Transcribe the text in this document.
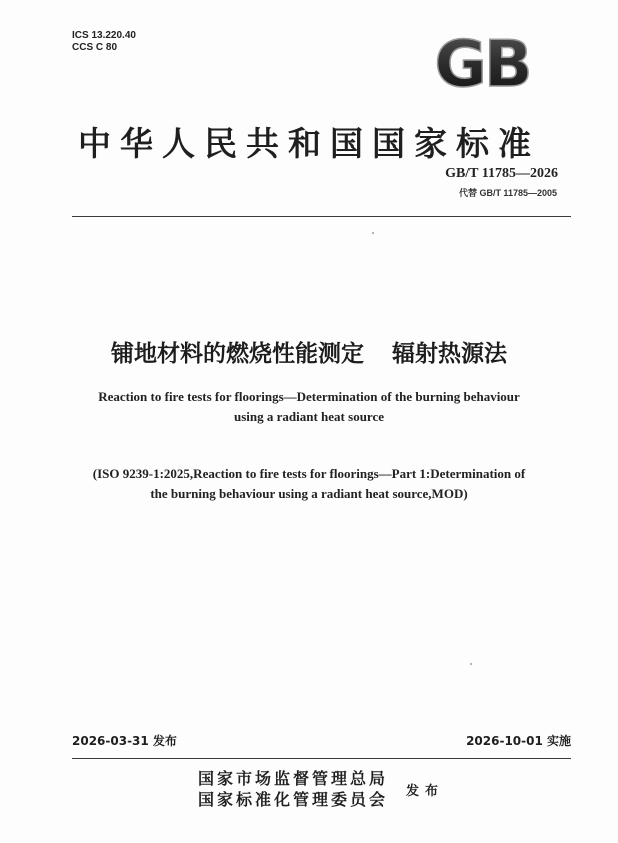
ICS 13.220.40
CCS C 80	GB
中华人民共和国国家标准
GB/T 11785—2026
代替 GB/T 11785—2005
铺地材料的燃烧性能测定 辐射热源法
Reaction to fire tests for floorings—Determination of the burning behaviour
using a radiant heat source
(ISO 9239-1:2025,Reaction to fire tests for floorings—Part 1:Determination of
the burning behaviour using a radiant heat source,MOD)
2026-03-31 发布	2026-10-01 实施
国家市场监督管理总局
国家标准化管理委员会 发布
